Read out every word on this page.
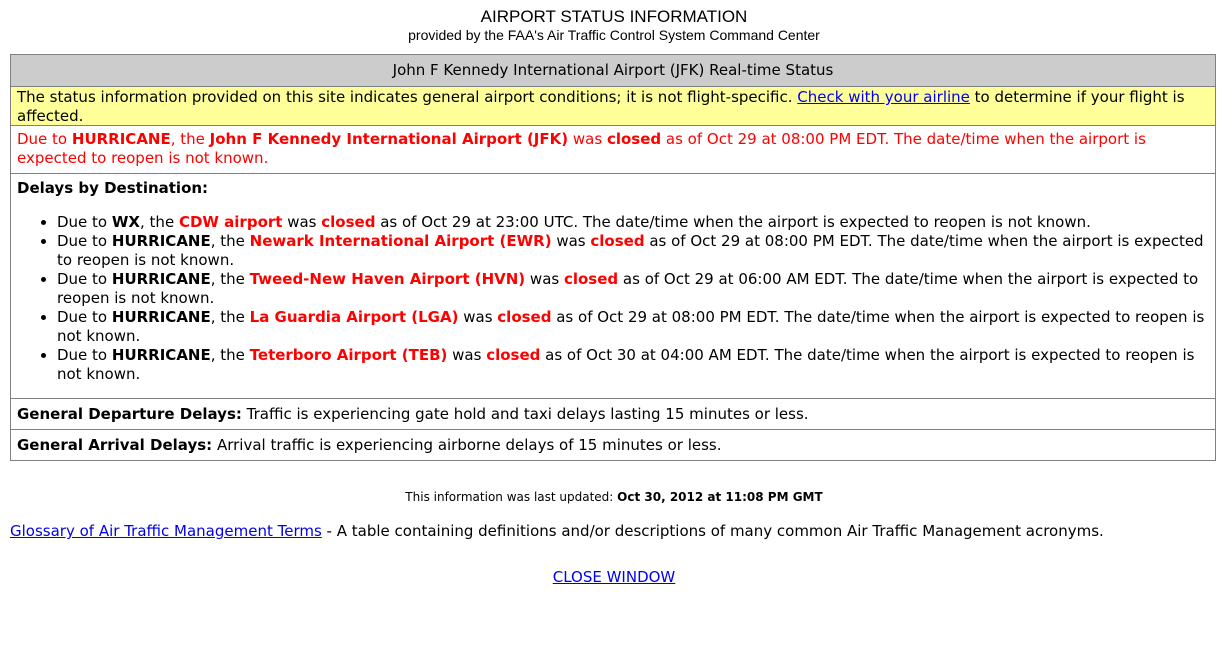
AIRPORT STATUS INFORMATION
provided by the FAA's Air Traffic Control System Command Center
John F Kennedy International Airport (JFK) Real-time Status
The status information provided on this site indicates general airport conditions; it is not flight-specific. Check with your airline to determine if your flight is affected.
Due to HURRICANE, the John F Kennedy International Airport (JFK) was closed as of Oct 29 at 08:00 PM EDT. The date/time when the airport is expected to reopen is not known.
Delays by Destination:
• Due to WX, the CDW airport was closed as of Oct 29 at 23:00 UTC. The date/time when the airport is expected to reopen is not known.
• Due to HURRICANE, the Newark International Airport (EWR) was closed as of Oct 29 at 08:00 PM EDT. The date/time when the airport is expected to reopen is not known.
• Due to HURRICANE, the Tweed-New Haven Airport (HVN) was closed as of Oct 29 at 06:00 AM EDT. The date/time when the airport is expected to reopen is not known.
• Due to HURRICANE, the La Guardia Airport (LGA) was closed as of Oct 29 at 08:00 PM EDT. The date/time when the airport is expected to reopen is not known.
• Due to HURRICANE, the Teterboro Airport (TEB) was closed as of Oct 30 at 04:00 AM EDT. The date/time when the airport is expected to reopen is not known.
General Departure Delays: Traffic is experiencing gate hold and taxi delays lasting 15 minutes or less.
General Arrival Delays: Arrival traffic is experiencing airborne delays of 15 minutes or less.
This information was last updated: Oct 30, 2012 at 11:08 PM GMT
Glossary of Air Traffic Management Terms - A table containing definitions and/or descriptions of many common Air Traffic Management acronyms.
CLOSE WINDOW
